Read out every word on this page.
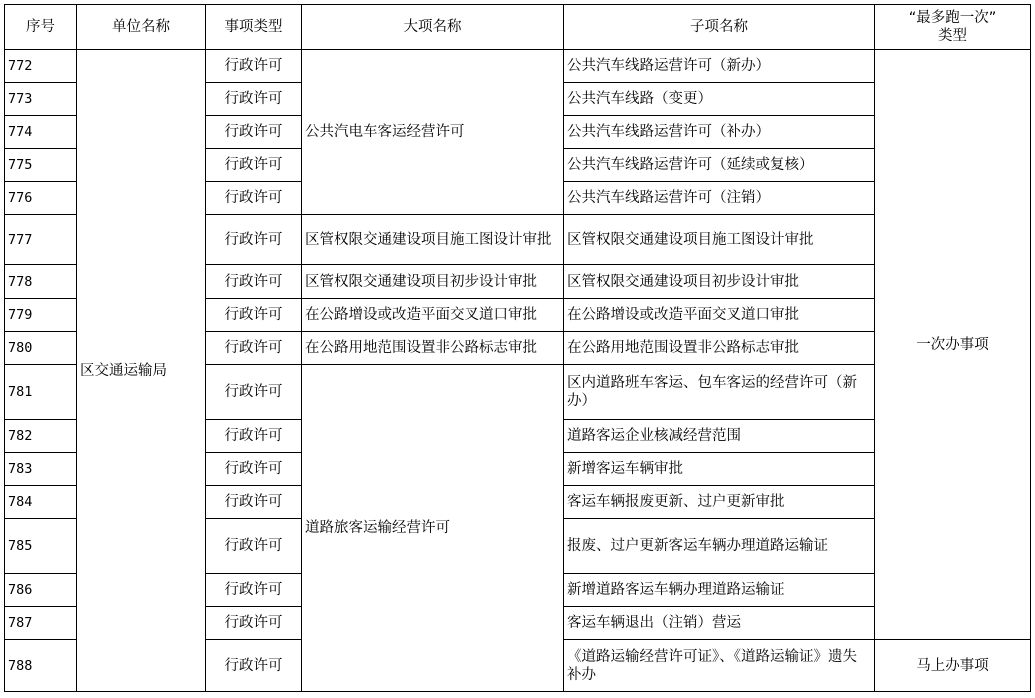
序号	单位名称	事项类型	大项名称	子项名称	“最多跑一次”
类型
772	区交通运输局	行政许可	公共汽电车客运经营许可	公共汽车线路运营许可（新办）	一次办事项
773		行政许可		公共汽车线路（变更）	
774		行政许可		公共汽车线路运营许可（补办）	
775		行政许可		公共汽车线路运营许可（延续或复核）	
776		行政许可		公共汽车线路运营许可（注销）	
777		行政许可	区管权限交通建设项目施工图设计审批	区管权限交通建设项目施工图设计审批	
778		行政许可	区管权限交通建设项目初步设计审批	区管权限交通建设项目初步设计审批	
779		行政许可	在公路增设或改造平面交叉道口审批	在公路增设或改造平面交叉道口审批	
780		行政许可	在公路用地范围设置非公路标志审批	在公路用地范围设置非公路标志审批	
781		行政许可	道路旅客运输经营许可	区内道路班车客运、包车客运的经营许可（新办）	
782		行政许可		道路客运企业核减经营范围	
783		行政许可		新增客运车辆审批	
784		行政许可		客运车辆报废更新、过户更新审批	
785		行政许可		报废、过户更新客运车辆办理道路运输证	
786		行政许可		新增道路客运车辆办理道路运输证	
787		行政许可		客运车辆退出（注销）营运	
788		行政许可		《道路运输经营许可证》、《道路运输证》遗失补办	马上办事项
